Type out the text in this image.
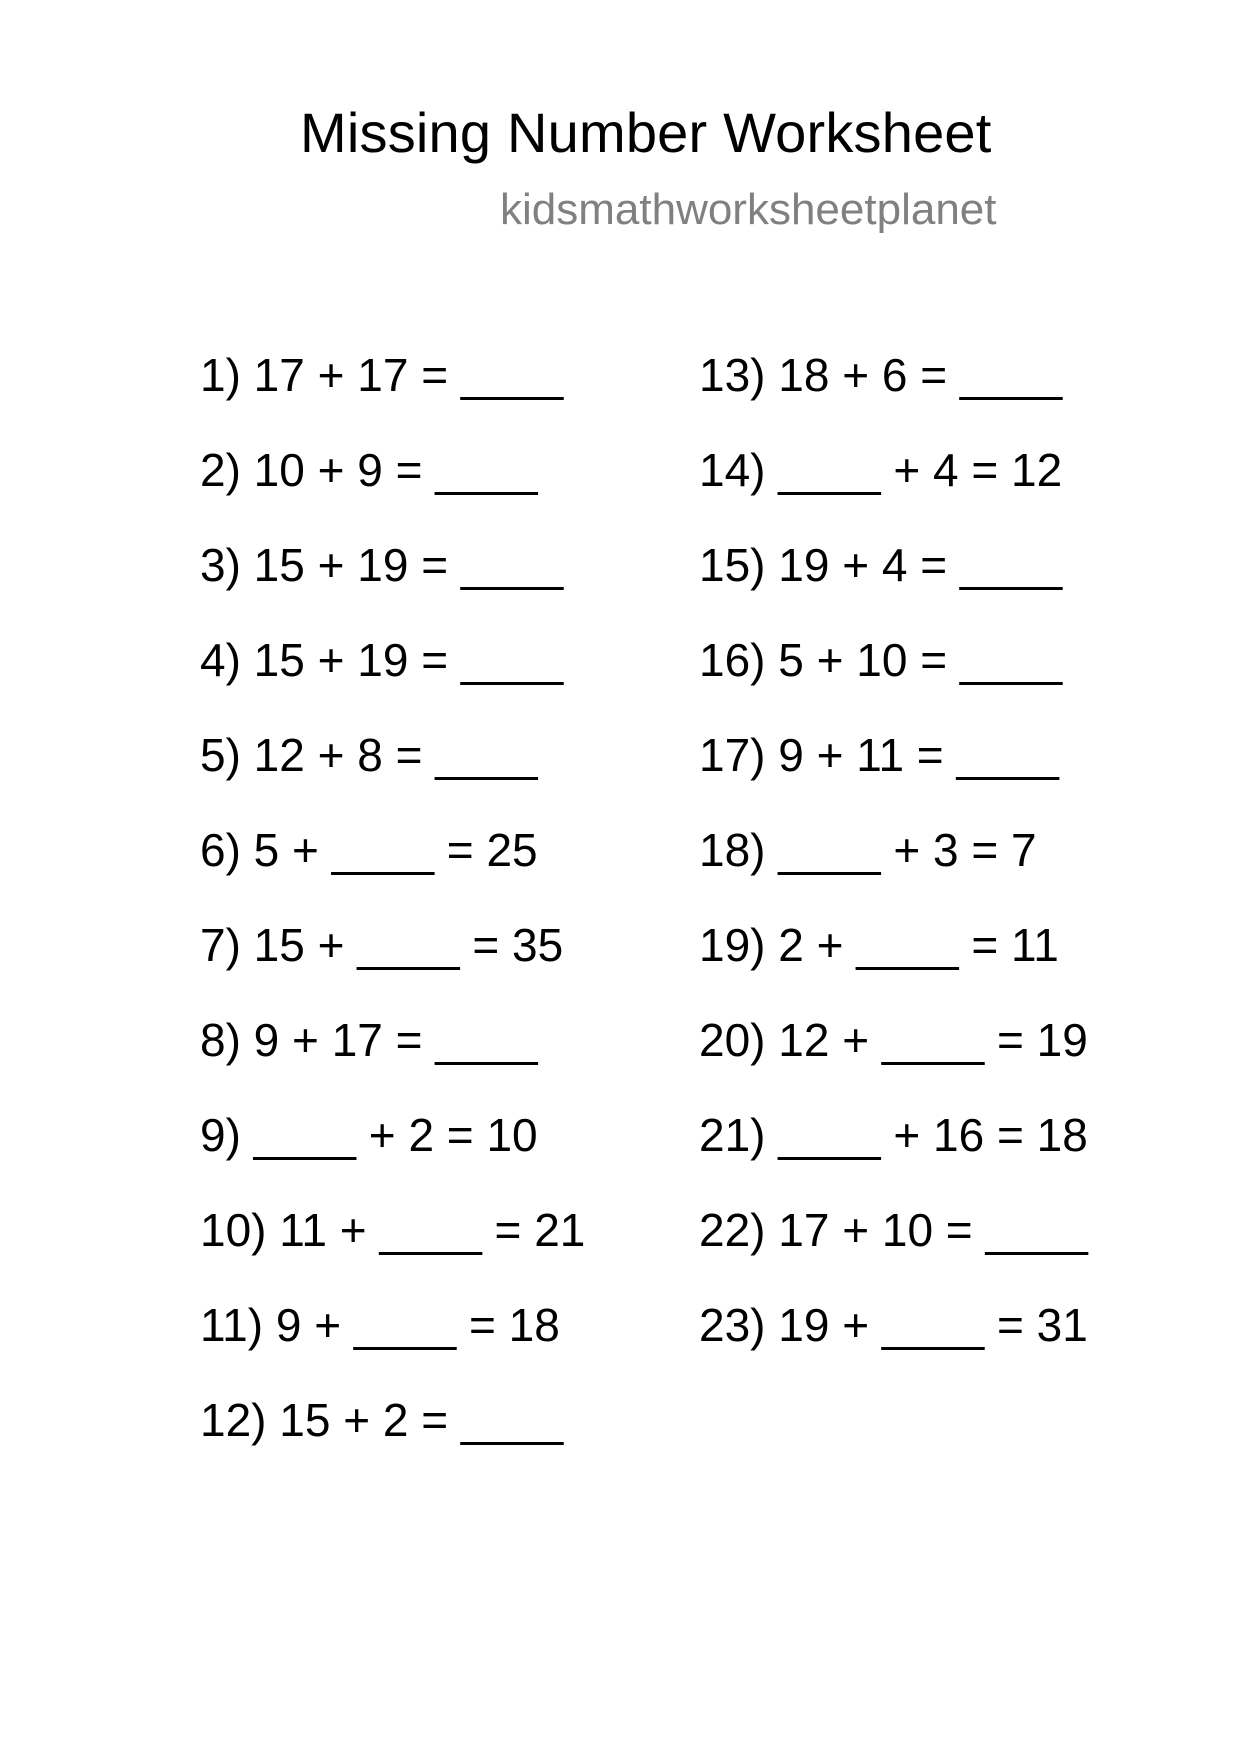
Missing Number Worksheet
kidsmathworksheetplanet
1) 17 + 17 = ____
2) 10 + 9 = ____
3) 15 + 19 = ____
4) 15 + 19 = ____
5) 12 + 8 = ____
6) 5 + ____ = 25
7) 15 + ____ = 35
8) 9 + 17 = ____
9) ____ + 2 = 10
10) 11 + ____ = 21
11) 9 + ____ = 18
12) 15 + 2 = ____
13) 18 + 6 = ____
14) ____ + 4 = 12
15) 19 + 4 = ____
16) 5 + 10 = ____
17) 9 + 11 = ____
18) ____ + 3 = 7
19) 2 + ____ = 11
20) 12 + ____ = 19
21) ____ + 16 = 18
22) 17 + 10 = ____
23) 19 + ____ = 31
